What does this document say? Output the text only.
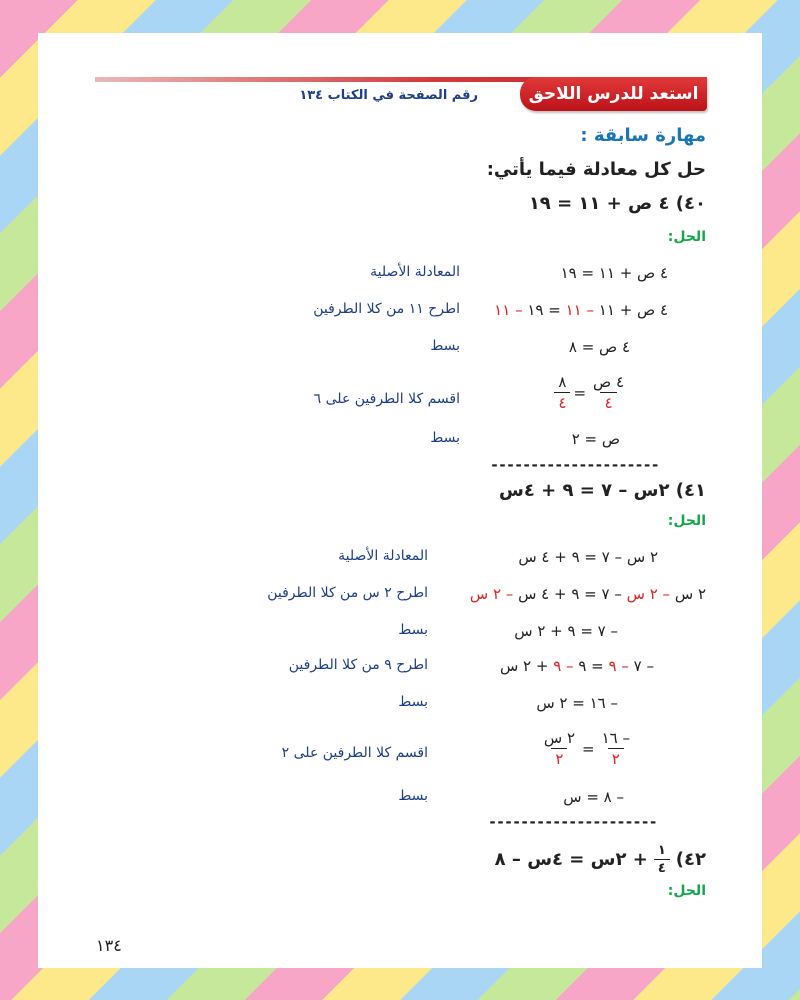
استعد للدرس اللاحق
رقم الصفحة في الكتاب ١٣٤
مهارة سابقة :
حل كل معادلة فيما يأتي:
٤٠) ٤ ص + ١١ = ١٩
الحل:
٤ ص + ١١ = ١٩
المعادلة الأصلية
٤ ص + ١١ – ١١ = ١٩ – ١١
اطرح ١١ من كلا الطرفين
٤ ص = ٨
بسط
$\frac{\text{٤ ص}}{٤}$
=
$\frac{٨}{٤}$
اقسم كلا الطرفين على ٦
ص = ٢
بسط
---------------------
٤١) ٢س – ٧ = ٩ + ٤س
الحل:
٢ س – ٧ = ٩ + ٤ س
المعادلة الأصلية
٢ س – ٢ س – ٧ = ٩ + ٤ س – ٢ س
اطرح ٢ س من كلا الطرفين
– ٧ = ٩ + ٢ س
بسط
– ٧ – ٩ = ٩ – ٩ + ٢ س
اطرح ٩ من كلا الطرفين
– ١٦ = ٢ س
بسط
$\frac{- ١٦}{٢}$
=
$\frac{\text{٢ س}}{٢}$
اقسم كلا الطرفين على ٢
– ٨ = س
بسط
---------------------
٤٢)
$\frac{١}{٤}$
+ ٢س = ٤س – ٨
الحل:
١٣٤
